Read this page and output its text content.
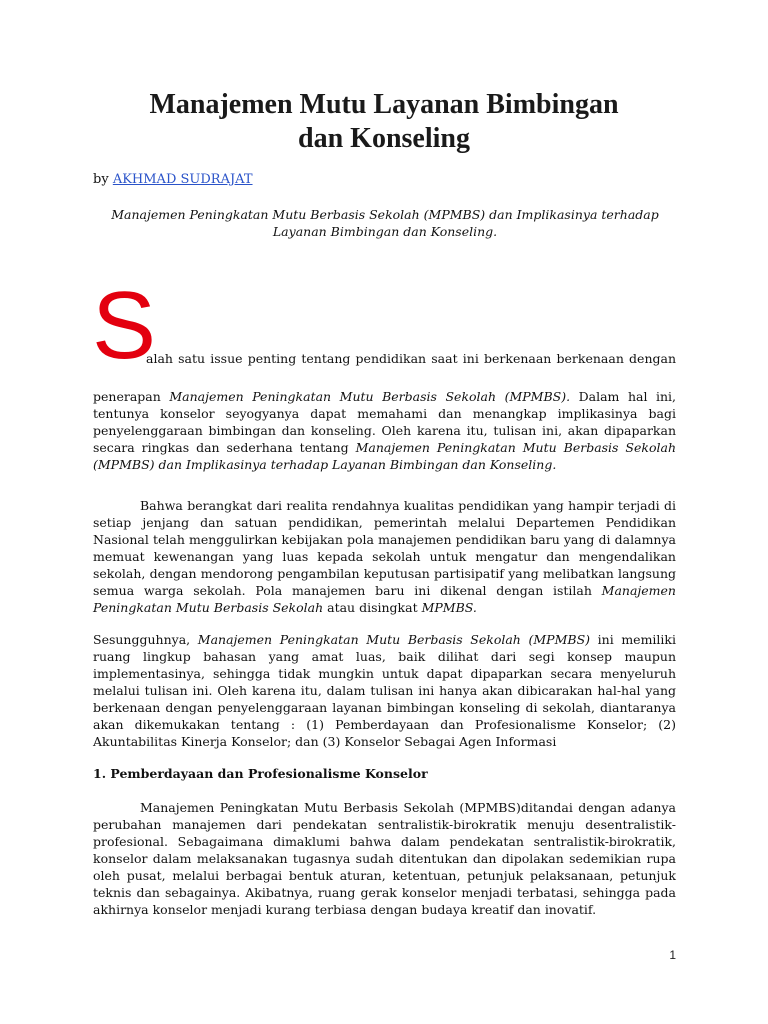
Manajemen Mutu Layanan Bimbingan
dan Konseling
by AKHMAD SUDRAJAT
Manajemen Peningkatan Mutu Berbasis Sekolah (MPMBS) dan Implikasinya terhadap
Layanan Bimbingan dan Konseling.
S
alah satu issue penting tentang pendidikan saat ini berkenaan berkenaan dengan
penerapan Manajemen Peningkatan Mutu Berbasis Sekolah (MPMBS). Dalam hal ini, tentunya konselor seyogyanya dapat memahami dan menangkap implikasinya bagi penyelenggaraan bimbingan dan konseling. Oleh karena itu, tulisan ini, akan dipaparkan secara ringkas dan sederhana tentang Manajemen Peningkatan Mutu Berbasis Sekolah (MPMBS) dan Implikasinya terhadap Layanan Bimbingan dan Konseling.
Bahwa berangkat dari realita rendahnya kualitas pendidikan yang hampir terjadi di setiap jenjang dan satuan pendidikan, pemerintah melalui Departemen Pendidikan Nasional telah menggulirkan kebijakan pola manajemen pendidikan baru yang di dalamnya memuat kewenangan yang luas kepada sekolah untuk mengatur dan mengendalikan sekolah, dengan mendorong pengambilan keputusan partisipatif yang melibatkan langsung semua warga sekolah. Pola manajemen baru ini dikenal dengan istilah Manajemen Peningkatan Mutu Berbasis Sekolah atau disingkat MPMBS.
Sesungguhnya, Manajemen Peningkatan Mutu Berbasis Sekolah (MPMBS) ini memiliki ruang lingkup bahasan yang amat luas, baik dilihat dari segi konsep maupun implementasinya, sehingga tidak mungkin untuk dapat dipaparkan secara menyeluruh melalui tulisan ini. Oleh karena itu, dalam tulisan ini hanya akan dibicarakan hal-hal yang berkenaan dengan penyelenggaraan layanan bimbingan konseling di sekolah, diantaranya akan dikemukakan tentang : (1) Pemberdayaan dan Profesionalisme Konselor; (2) Akuntabilitas Kinerja Konselor; dan (3) Konselor Sebagai Agen Informasi
1. Pemberdayaan dan Profesionalisme Konselor
Manajemen Peningkatan Mutu Berbasis Sekolah (MPMBS)ditandai dengan adanya perubahan manajemen dari pendekatan sentralistik-birokratik menuju desentralistik-profesional. Sebagaimana dimaklumi bahwa dalam pendekatan sentralistik-birokratik, konselor dalam melaksanakan tugasnya sudah ditentukan dan dipolakan sedemikian rupa oleh pusat, melalui berbagai bentuk aturan, ketentuan, petunjuk pelaksanaan, petunjuk teknis dan sebagainya. Akibatnya, ruang gerak konselor menjadi terbatasi, sehingga pada akhirnya konselor menjadi kurang terbiasa dengan budaya kreatif dan inovatif.
1
